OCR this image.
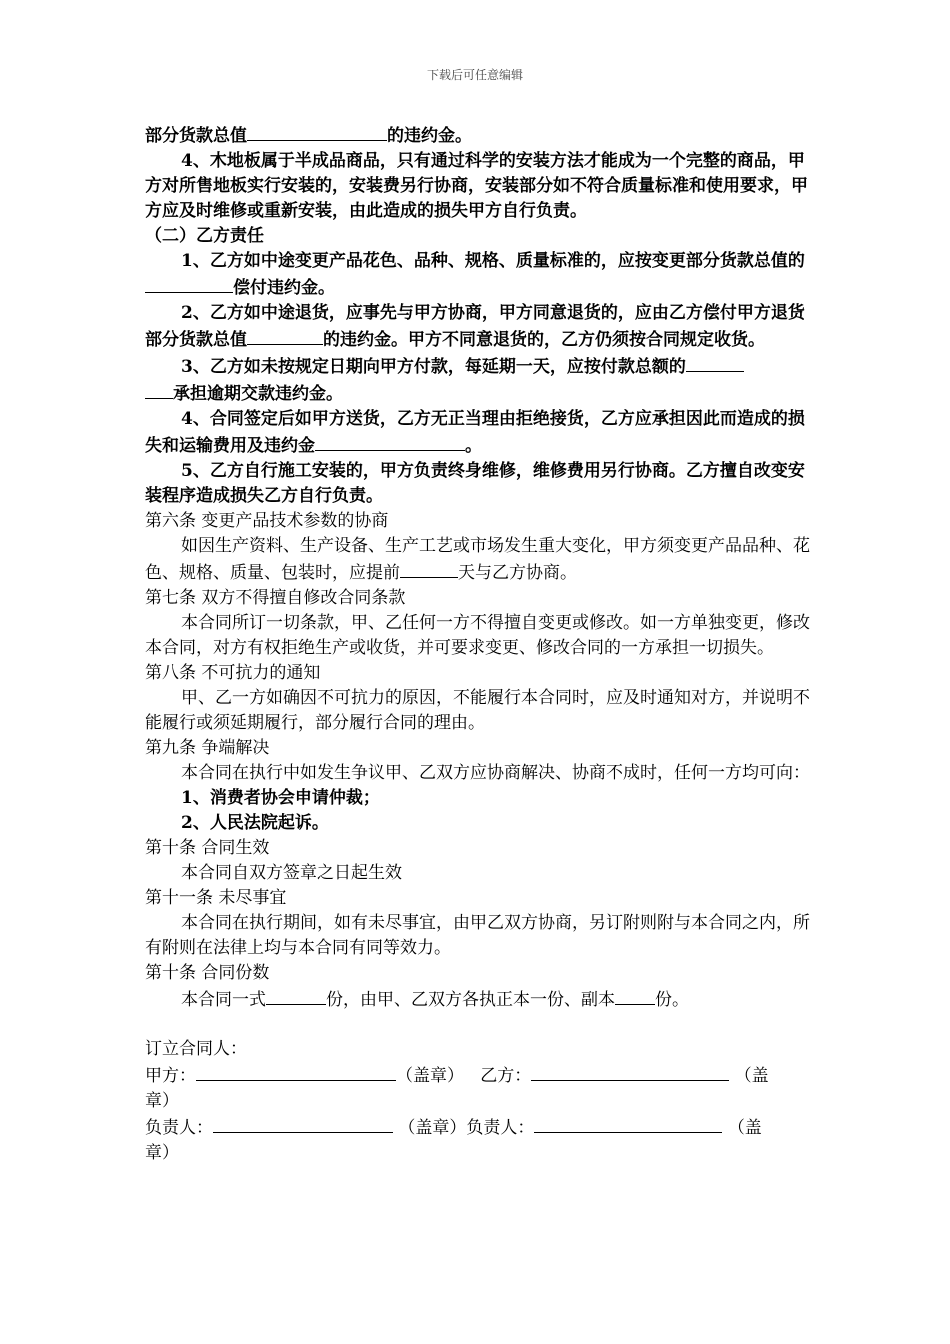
下载后可任意编辑

部分货款总值	的违约金。

4、木地板属于半成品商品，只有通过科学的安装方法才能成为一个完整的商品，甲方对所售地板实行安装的，安装费另行协商，安装部分如不符合质量标准和使用要求，甲方应及时维修或重新安装，由此造成的损失甲方自行负责。

（二）乙方责任

1、乙方如中途变更产品花色、品种、规格、质量标准的，应按变更部分货款总值的偿付违约金。

2、乙方如中途退货，应事先与甲方协商，甲方同意退货的，应由乙方偿付甲方退货部分货款总值	的违约金。甲方不同意退货的，乙方仍须按合同规定收货。

3、乙方如未按规定日期向甲方付款，每延期一天，应按付款总额的
承担逾期交款违约金。

4、合同签定后如甲方送货，乙方无正当理由拒绝接货，乙方应承担因此而造成的损失和运输费用及违约金	。

5、乙方自行施工安装的，甲方负责终身维修，维修费用另行协商。乙方擅自改变安装程序造成损失乙方自行负责。

第六条 变更产品技术参数的协商

如因生产资料、生产设备、生产工艺或市场发生重大变化，甲方须变更产品品种、花色、规格、质量、包装时，应提前	天与乙方协商。

第七条 双方不得擅自修改合同条款

本合同所订一切条款，甲、乙任何一方不得擅自变更或修改。如一方单独变更，修改本合同，对方有权拒绝生产或收货，并可要求变更、修改合同的一方承担一切损失。

第八条 不可抗力的通知

甲、乙一方如确因不可抗力的原因，不能履行本合同时，应及时通知对方，并说明不能履行或须延期履行，部分履行合同的理由。

第九条 争端解决

本合同在执行中如发生争议甲、乙双方应协商解决、协商不成时，任何一方均可向：

1、消费者协会申请仲裁；

2、人民法院起诉。

第十条 合同生效

本合同自双方签章之日起生效

第十一条 未尽事宜

本合同在执行期间，如有未尽事宜，由甲乙双方协商，另订附则附与本合同之内，所有附则在法律上均与本合同有同等效力。

第十条 合同份数

本合同一式	份，由甲、乙双方各执正本一份、副本 份。

订立合同人：

甲方：	（盖章） 乙方：	（盖
章）

负责人：	（盖章）负责人：	（盖
章）
